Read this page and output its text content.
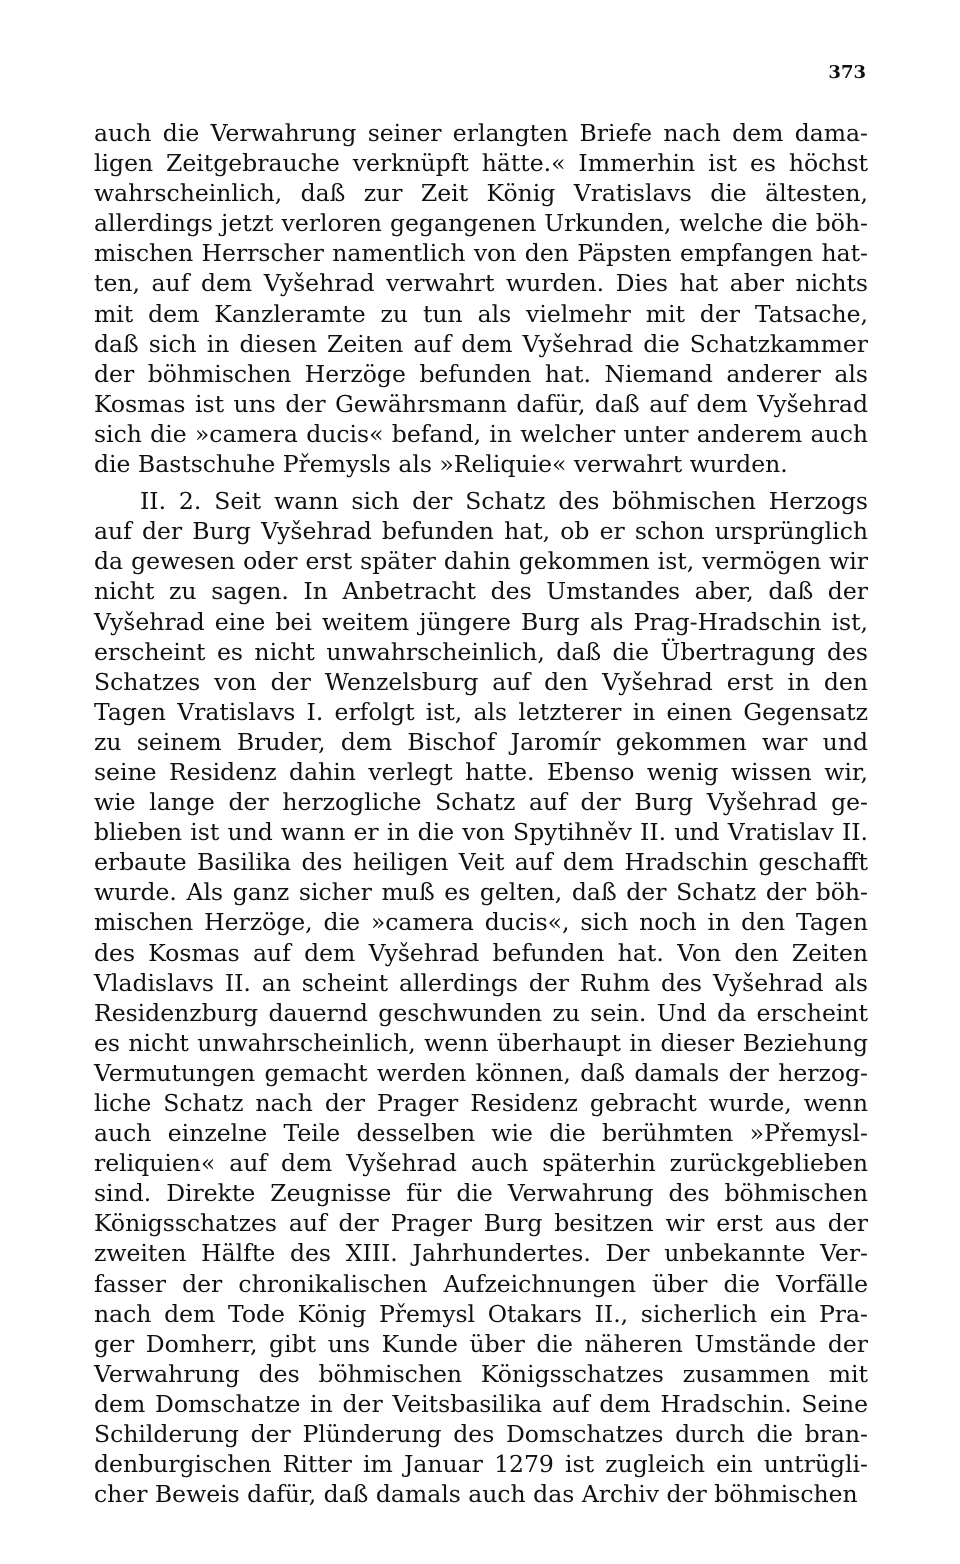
373
auch die Verwahrung seiner erlangten Briefe nach dem dama-
ligen Zeitgebrauche verknüpft hätte.« Immerhin ist es höchst
wahrscheinlich, daß zur Zeit König Vratislavs die ältesten,
allerdings jetzt verloren gegangenen Urkunden, welche die böh-
mischen Herrscher namentlich von den Päpsten empfangen hat-
ten, auf dem Vyšehrad verwahrt wurden. Dies hat aber nichts
mit dem Kanzleramte zu tun als vielmehr mit der Tatsache,
daß sich in diesen Zeiten auf dem Vyšehrad die Schatzkammer
der böhmischen Herzöge befunden hat. Niemand anderer als
Kosmas ist uns der Gewährsmann dafür, daß auf dem Vyšehrad
sich die »camera ducis« befand, in welcher unter anderem auch
die Bastschuhe Přemysls als »Reliquie« verwahrt wurden.
II. 2. Seit wann sich der Schatz des böhmischen Herzogs
auf der Burg Vyšehrad befunden hat, ob er schon ursprünglich
da gewesen oder erst später dahin gekommen ist, vermögen wir
nicht zu sagen. In Anbetracht des Umstandes aber, daß der
Vyšehrad eine bei weitem jüngere Burg als Prag-Hradschin ist,
erscheint es nicht unwahrscheinlich, daß die Übertragung des
Schatzes von der Wenzelsburg auf den Vyšehrad erst in den
Tagen Vratislavs I. erfolgt ist, als letzterer in einen Gegensatz
zu seinem Bruder, dem Bischof Jaromír gekommen war und
seine Residenz dahin verlegt hatte. Ebenso wenig wissen wir,
wie lange der herzogliche Schatz auf der Burg Vyšehrad ge-
blieben ist und wann er in die von Spytihněv II. und Vratislav II.
erbaute Basilika des heiligen Veit auf dem Hradschin geschafft
wurde. Als ganz sicher muß es gelten, daß der Schatz der böh-
mischen Herzöge, die »camera ducis«, sich noch in den Tagen
des Kosmas auf dem Vyšehrad befunden hat. Von den Zeiten
Vladislavs II. an scheint allerdings der Ruhm des Vyšehrad als
Residenzburg dauernd geschwunden zu sein. Und da erscheint
es nicht unwahrscheinlich, wenn überhaupt in dieser Beziehung
Vermutungen gemacht werden können, daß damals der herzog-
liche Schatz nach der Prager Residenz gebracht wurde, wenn
auch einzelne Teile desselben wie die berühmten »Přemysl-
reliquien« auf dem Vyšehrad auch späterhin zurückgeblieben
sind. Direkte Zeugnisse für die Verwahrung des böhmischen
Königsschatzes auf der Prager Burg besitzen wir erst aus der
zweiten Hälfte des XIII. Jahrhundertes. Der unbekannte Ver-
fasser der chronikalischen Aufzeichnungen über die Vorfälle
nach dem Tode König Přemysl Otakars II., sicherlich ein Pra-
ger Domherr, gibt uns Kunde über die näheren Umstände der
Verwahrung des böhmischen Königsschatzes zusammen mit
dem Domschatze in der Veitsbasilika auf dem Hradschin. Seine
Schilderung der Plünderung des Domschatzes durch die bran-
denburgischen Ritter im Januar 1279 ist zugleich ein untrügli-
cher Beweis dafür, daß damals auch das Archiv der böhmischen
